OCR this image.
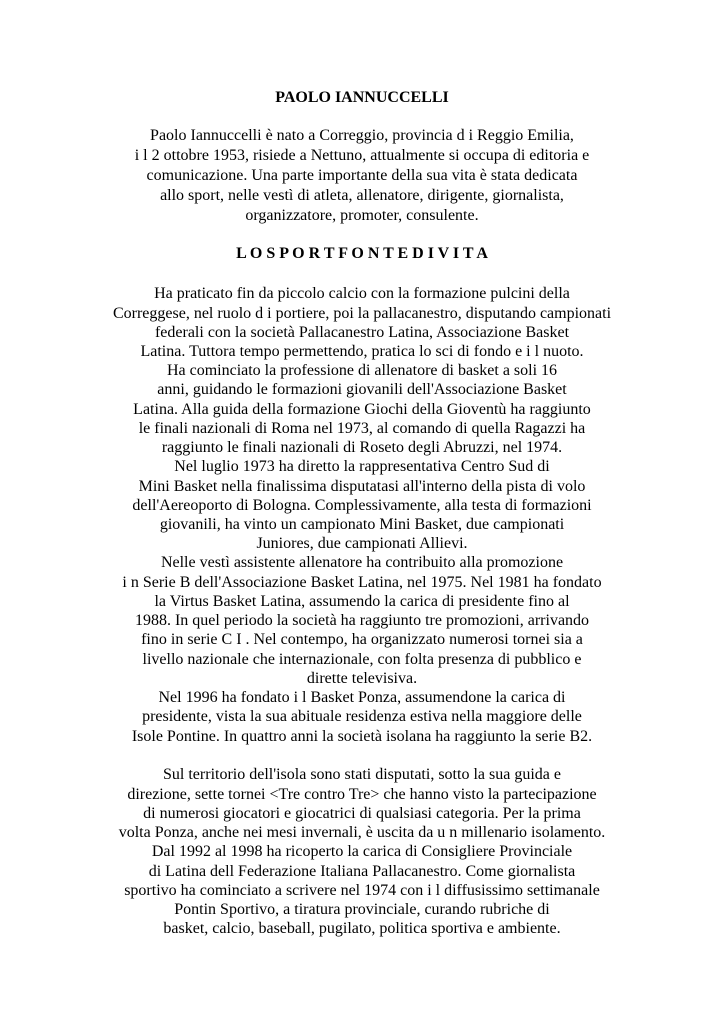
PAOLO IANNUCCELLI
Paolo Iannuccelli è nato a Correggio, provincia d i Reggio Emilia,
i l 2 ottobre 1953, risiede a Nettuno, attualmente si occupa di editoria e
comunicazione. Una parte importante della sua vita è stata dedicata
allo sport, nelle vestì di atleta, allenatore, dirigente, giornalista,
organizzatore, promoter, consulente.
L O S P O R T F O N T E D I V I T A
Ha praticato fin da piccolo calcio con la formazione pulcini della
Correggese, nel ruolo d i portiere, poi la pallacanestro, disputando campionati
federali con la società Pallacanestro Latina, Associazione Basket
Latina. Tuttora tempo permettendo, pratica lo sci di fondo e i l nuoto.
Ha cominciato la professione di allenatore di basket a soli 16
anni, guidando le formazioni giovanili dell'Associazione Basket
Latina. Alla guida della formazione Giochi della Gioventù ha raggiunto
le finali nazionali di Roma nel 1973, al comando di quella Ragazzi ha
raggiunto le finali nazionali di Roseto degli Abruzzi, nel 1974.
Nel luglio 1973 ha diretto la rappresentativa Centro Sud di
Mini Basket nella finalissima disputatasi all'interno della pista di volo
dell'Aereoporto di Bologna. Complessivamente, alla testa di formazioni
giovanili, ha vinto un campionato Mini Basket, due campionati
Juniores, due campionati Allievi.
Nelle vestì assistente allenatore ha contribuito alla promozione
i n Serie B dell'Associazione Basket Latina, nel 1975. Nel 1981 ha fondato
la Virtus Basket Latina, assumendo la carica di presidente fino al
1988. In quel periodo la società ha raggiunto tre promozioni, arrivando
fino in serie C I . Nel contempo, ha organizzato numerosi tornei sia a
livello nazionale che internazionale, con folta presenza di pubblico e
dirette televisiva.
Nel 1996 ha fondato i l Basket Ponza, assumendone la carica di
presidente, vista la sua abituale residenza estiva nella maggiore delle
Isole Pontine. In quattro anni la società isolana ha raggiunto la serie B2.
Sul territorio dell'isola sono stati disputati, sotto la sua guida e
direzione, sette tornei <Tre contro Tre> che hanno visto la partecipazione
di numerosi giocatori e giocatrici di qualsiasi categoria. Per la prima
volta Ponza, anche nei mesi invernali, è uscita da u n millenario isolamento.
Dal 1992 al 1998 ha ricoperto la carica di Consigliere Provinciale
di Latina dell Federazione Italiana Pallacanestro. Come giornalista
sportivo ha cominciato a scrivere nel 1974 con i l diffusissimo settimanale
Pontin Sportivo, a tiratura provinciale, curando rubriche di
basket, calcio, baseball, pugilato, politica sportiva e ambiente.
